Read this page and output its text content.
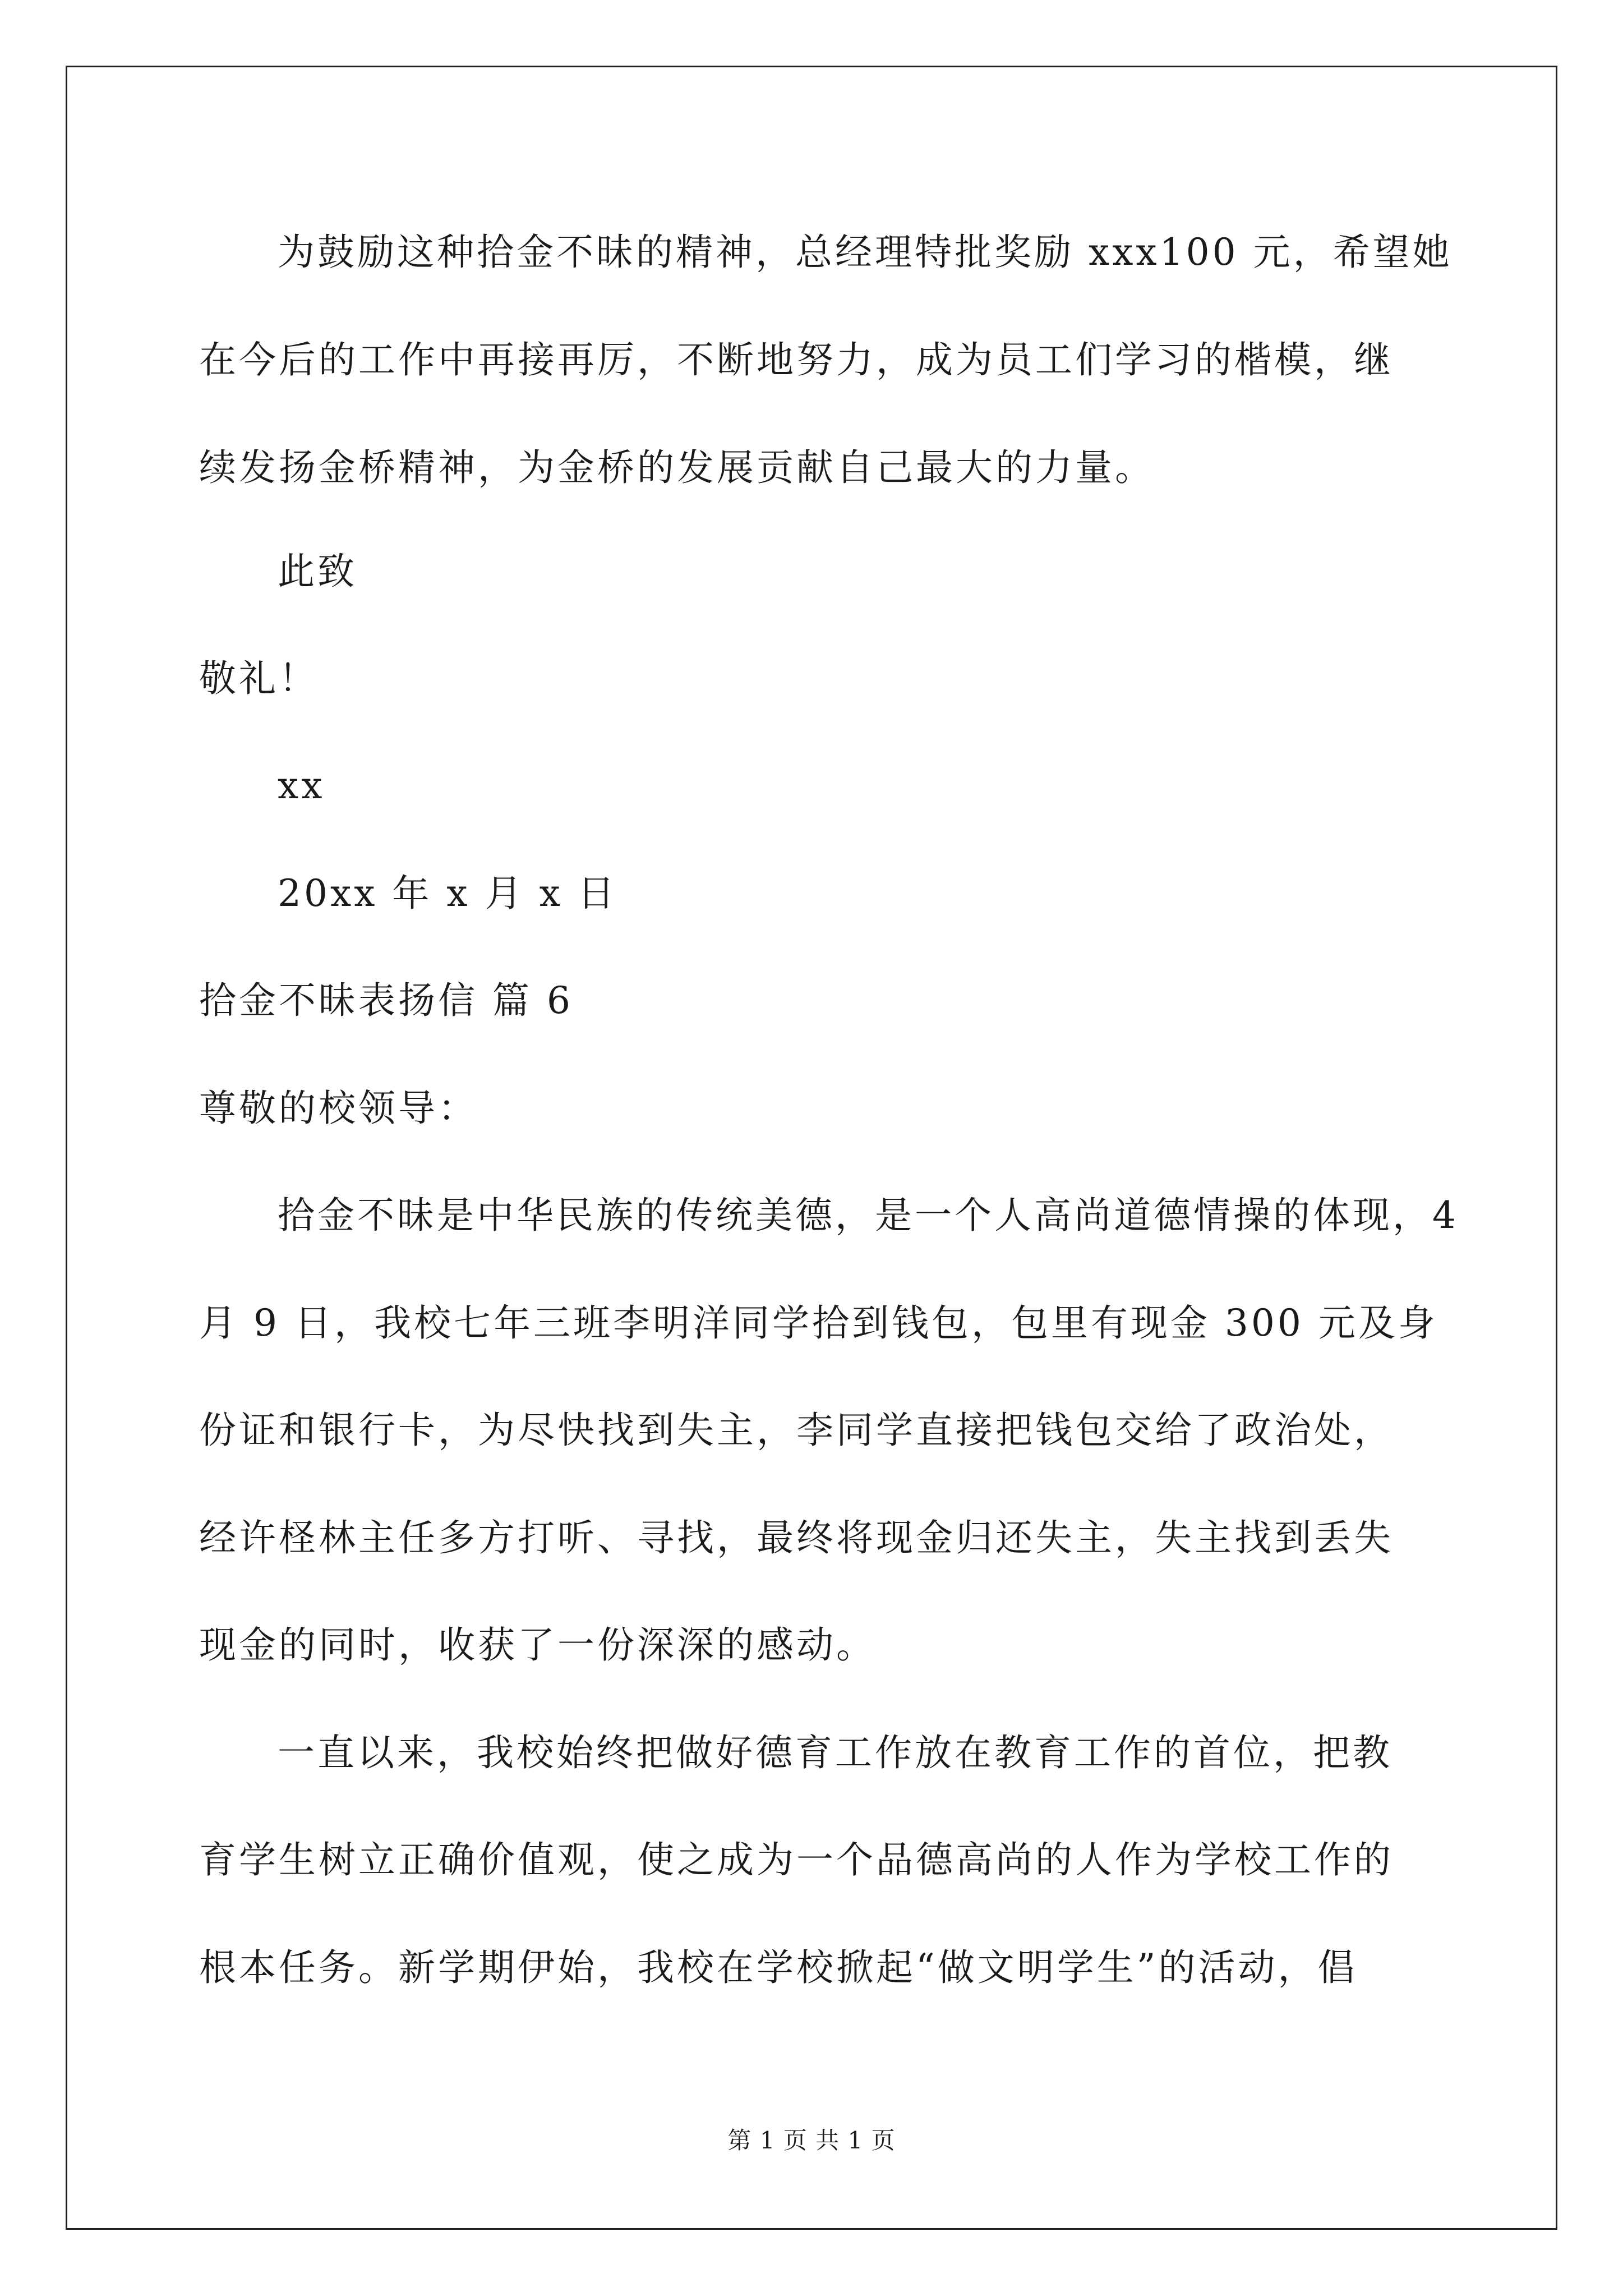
为鼓励这种拾金不昧的精神，总经理特批奖励 xxx100 元，希望她
在今后的工作中再接再厉，不断地努力，成为员工们学习的楷模，继
续发扬金桥精神，为金桥的发展贡献自己最大的力量。
此致
敬礼！
xx
20xx 年 x 月 x 日
拾金不昧表扬信 篇 6
尊敬的校领导：
拾金不昧是中华民族的传统美德，是一个人高尚道德情操的体现，4
月 9 日，我校七年三班李明洋同学拾到钱包，包里有现金 300 元及身
份证和银行卡，为尽快找到失主，李同学直接把钱包交给了政治处，
经许柽林主任多方打听、寻找，最终将现金归还失主，失主找到丢失
现金的同时，收获了一份深深的感动。
一直以来，我校始终把做好德育工作放在教育工作的首位，把教
育学生树立正确价值观，使之成为一个品德高尚的人作为学校工作的
根本任务。新学期伊始，我校在学校掀起“做文明学生”的活动，倡
第 1 页 共 1 页
